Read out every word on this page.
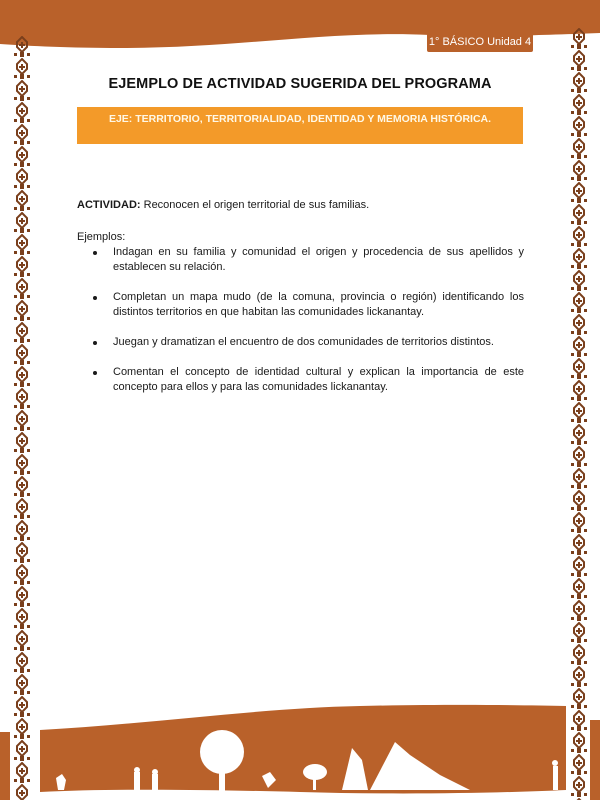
1° BÁSICO Unidad 4
EJEMPLO DE ACTIVIDAD SUGERIDA DEL PROGRAMA
EJE: TERRITORIO, TERRITORIALIDAD, IDENTIDAD Y MEMORIA HISTÓRICA.

ACTIVIDAD: Reconocen el origen territorial de sus familias.

Ejemplos:

Indagan en su familia y comunidad el origen y procedencia de sus apellidos y establecen su relación.
Completan un mapa mudo (de la comuna, provincia o región) identificando los distintos territorios en que habitan las comunidades lickanantay.
Juegan y dramatizan el encuentro de dos comunidades de territorios distintos.
Comentan el concepto de identidad cultural y explican la importancia de este concepto para ellos y para las comunidades lickanantay.
